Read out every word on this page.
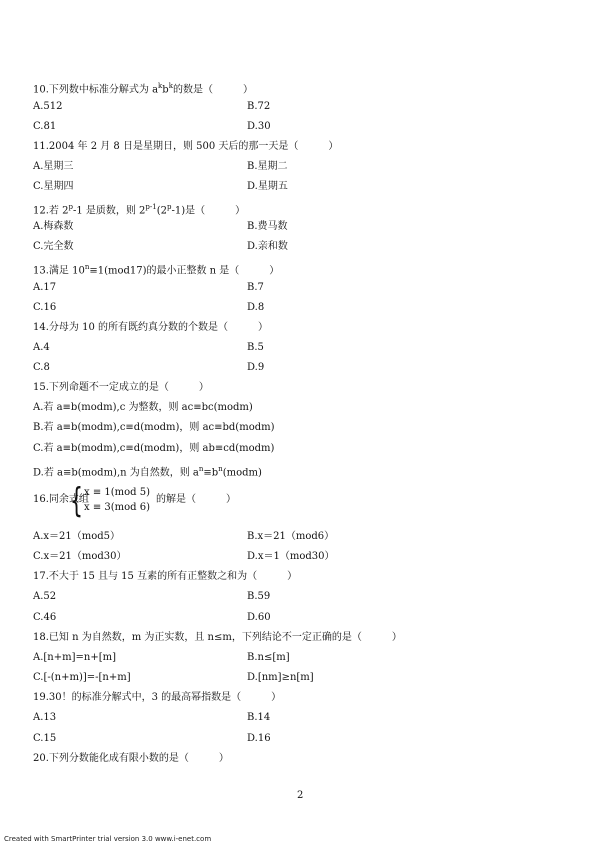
10.下列数中标准分解式为 $a^kb^k$的数是（　　　）
A.512	B.72
C.81	D.30
11.2004 年 2 月 8 日是星期日，则 500 天后的那一天是（　　　）
A.星期三	B.星期二
C.星期四	D.星期五
12.若 2$^p$-1 是质数，则 2$^{p-1}$(2$^p$-1)是（　　　）
A.梅森数	B.费马数
C.完全数	D.亲和数
13.满足 $10^n\equiv 1(mod17)$的最小正整数 n 是（　　　）
A.17	B.7
C.16	D.8
14.分母为 10 的所有既约真分数的个数是（　　　）
A.4	B.5
C.8	D.9
15.下列命题不一定成立的是（　　　）
A.若 a≡b(modm),c 为整数，则 ac≡bc(modm)
B.若 a≡b(modm),c≡d(modm)，则 ac≡bd(modm)
C.若 a≡b(modm),c≡d(modm)，则 ab≡cd(modm)
D.若 a≡b(modm),n 为自然数，则 $a^n\equiv b^n(modm)$
16.同余式组
{ x ≡ 1(mod 5)
x ≡ 3(mod 6)
的解是（　　　）
A.x＝21（mod5）	B.x＝21（mod6）
C.x＝21（mod30）	D.x＝1（mod30）
17.不大于 15 且与 15 互素的所有正整数之和为（　　　）
A.52	B.59
C.46	D.60
18.已知 n 为自然数，m 为正实数，且 n≤m，下列结论不一定正确的是（　　　）
A.[n+m]=n+[m]	B.n≤[m]
C.[-(n+m)]=-[n+m]	D.[nm]≥n[m]
19.30！的标准分解式中，3 的最高幂指数是（　　　）
A.13	B.14
C.15	D.16
20.下列分数能化成有限小数的是（　　　）
2
Created with SmartPrinter trial version 3.0 www.i-enet.com
